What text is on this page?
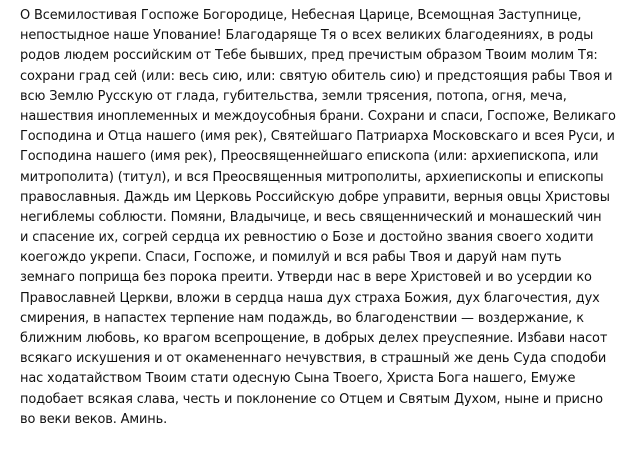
О Всемилостивая Госпоже Богородице, Небесная Царице, Всемощная Заступнице,
непостыдное наше Упование! Благодаряще Тя о всех великих благодеяниях, в роды
родов людем российским от Тебе бывших, пред пречистым образом Твоим молим Тя:
сохрани град сей (или: весь сию, или: святую обитель сию) и предстоящия рабы Твоя и
всю Землю Русскую от глада, губительства, земли трясения, потопа, огня, меча,
нашествия иноплеменных и междоусобныя брани. Сохрани и спаси, Госпоже, Великаго
Господина и Отца нашего (имя рек), Святейшаго Патриарха Московскаго и всея Руси, и
Господина нашего (имя рек), Преосвященнейшаго епископа (или: архиепископа, или
митрополита) (титул), и вся Преосвященныя митрополиты, архиепископы и епископы
православныя. Даждь им Церковь Российскую добре управити, верныя овцы Христовы
негиблемы соблюсти. Помяни, Владычице, и весь священнический и монашеский чин
и спасение их, согрей сердца их ревностию о Бозе и достойно звания своего ходити
коегождо укрепи. Спаси, Госпоже, и помилуй и вся рабы Твоя и даруй нам путь
земнаго поприща без порока преити. Утверди нас в вере Христовей и во усердии ко
Православней Церкви, вложи в сердца наша дух страха Божия, дух благочестия, дух
смирения, в напастех терпение нам подаждь, во благоденствии — воздержание, к
ближним любовь, ко врагом всепрощение, в добрых делех преуспеяние. Избави насот
всякаго искушения и от окамененнаго нечувствия, в страшный же день Суда сподоби
нас ходатайством Твоим стати одесную Сына Твоего, Христа Бога нашего, Емуже
подобает всякая слава, честь и поклонение со Отцем и Святым Духом, ныне и присно
во веки веков. Аминь.
